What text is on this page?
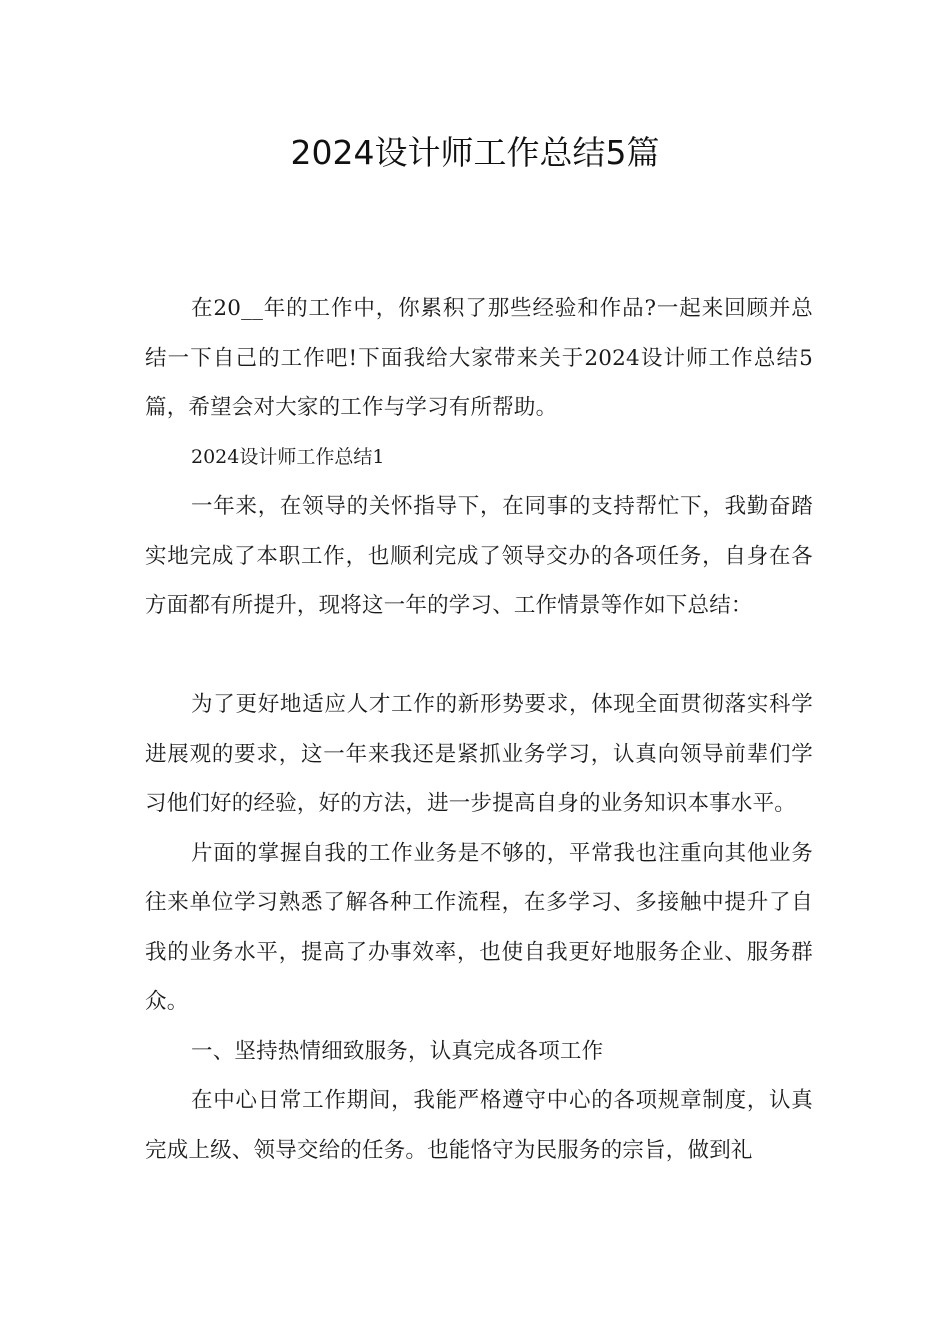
2024设计师工作总结5篇

在20__年的工作中，你累积了那些经验和作品?一起来回顾并总结一下自己的工作吧!下面我给大家带来关于2024设计师工作总结5篇，希望会对大家的工作与学习有所帮助。

2024设计师工作总结1

一年来，在领导的关怀指导下，在同事的支持帮忙下，我勤奋踏实地完成了本职工作，也顺利完成了领导交办的各项任务，自身在各方面都有所提升，现将这一年的学习、工作情景等作如下总结：

为了更好地适应人才工作的新形势要求，体现全面贯彻落实科学进展观的要求，这一年来我还是紧抓业务学习，认真向领导前辈们学习他们好的经验，好的方法，进一步提高自身的业务知识本事水平。

片面的掌握自我的工作业务是不够的，平常我也注重向其他业务往来单位学习熟悉了解各种工作流程，在多学习、多接触中提升了自我的业务水平，提高了办事效率，也使自我更好地服务企业、服务群众。

一、坚持热情细致服务，认真完成各项工作

在中心日常工作期间，我能严格遵守中心的各项规章制度，认真完成上级、领导交给的任务。也能恪守为民服务的宗旨，做到礼
